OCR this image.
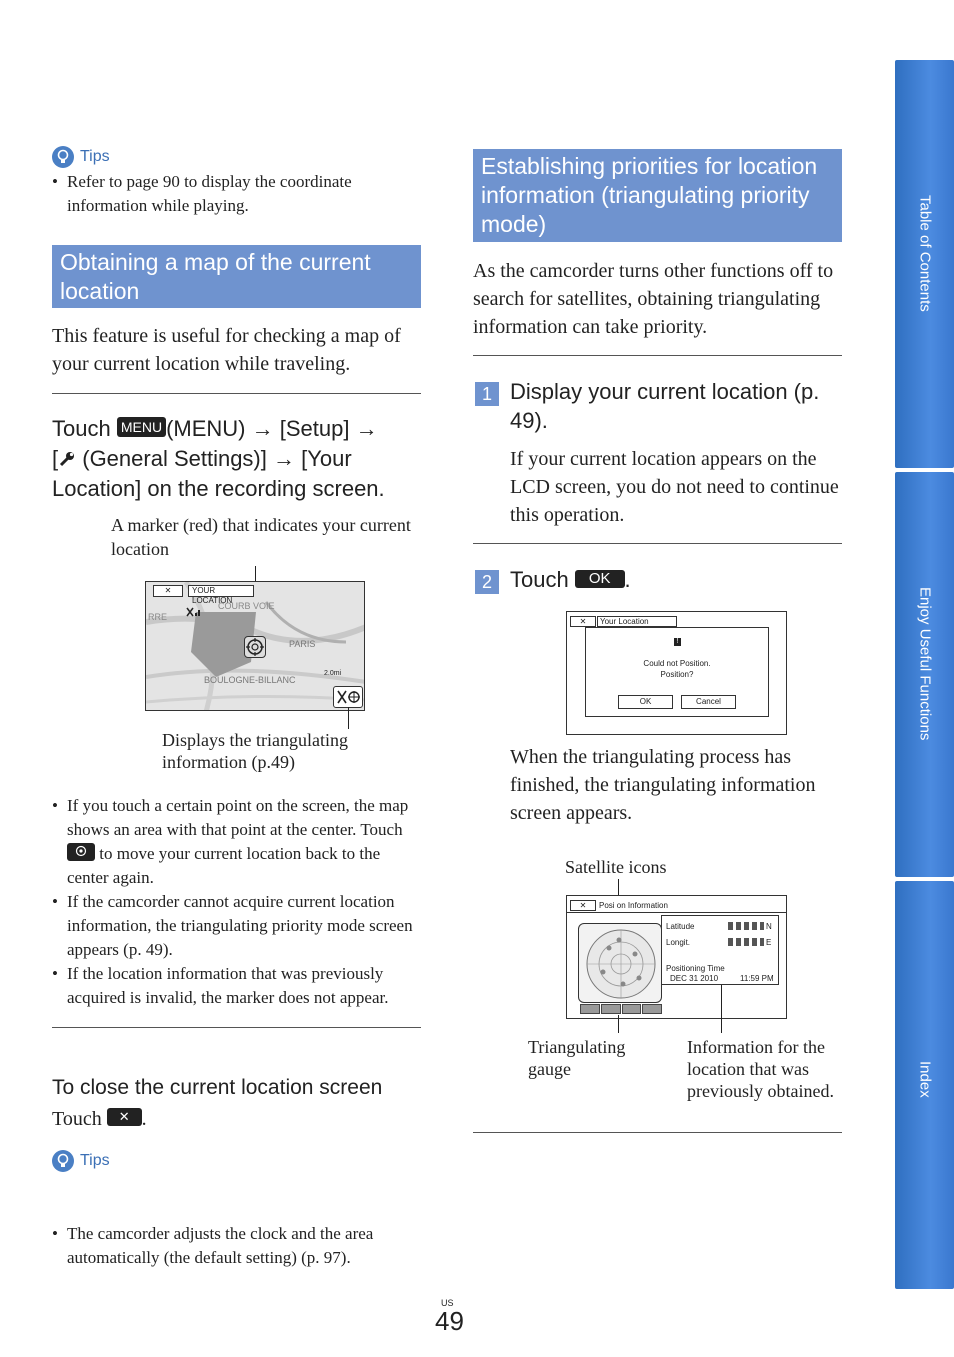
Tips
• Refer to page 90 to display the coordinate information while playing.
Obtaining a map of the current location
This feature is useful for checking a map of your current location while traveling.
Touch MENU (MENU) → [Setup] →
[ (General Settings)] → [Your Location] on the recording screen.
A marker (red) that indicates your current location
✕	YOUR LOCATION
COURB VOIE
RRE
PARIS
BOULOGNE-BILLANC
2.0mi
Displays the triangulating information (p.49)
• If you touch a certain point on the screen, the map shows an area with that point at the center. Touch  to move your current location back to the center again.
• If the camcorder cannot acquire current location information, the triangulating priority mode screen appears (p. 49).
• If the location information that was previously acquired is invalid, the marker does not appear.
To close the current location screen
Touch ✕ .
Tips
• The camcorder adjusts the clock and the area automatically (the default setting) (p. 97).
Establishing priorities for location information (triangulating priority mode)
As the camcorder turns other functions off to search for satellites, obtaining triangulating information can take priority.
1 Display your current location (p. 49).
If your current location appears on the LCD screen, you do not need to continue this operation.
2 Touch OK .
✕	Your Location
!
Could not Position.
Position?
OK	Cancel
When the triangulating process has finished, the triangulating information screen appears.
Satellite icons
✕	Posi on Information
Latitude	N
Longit.	E
Positioning Time
DEC 31 2010	11:59 PM
Triangulating gauge
Information for the location that was previously obtained.
Table of Contents
Enjoy Useful Functions
Index
US
49
